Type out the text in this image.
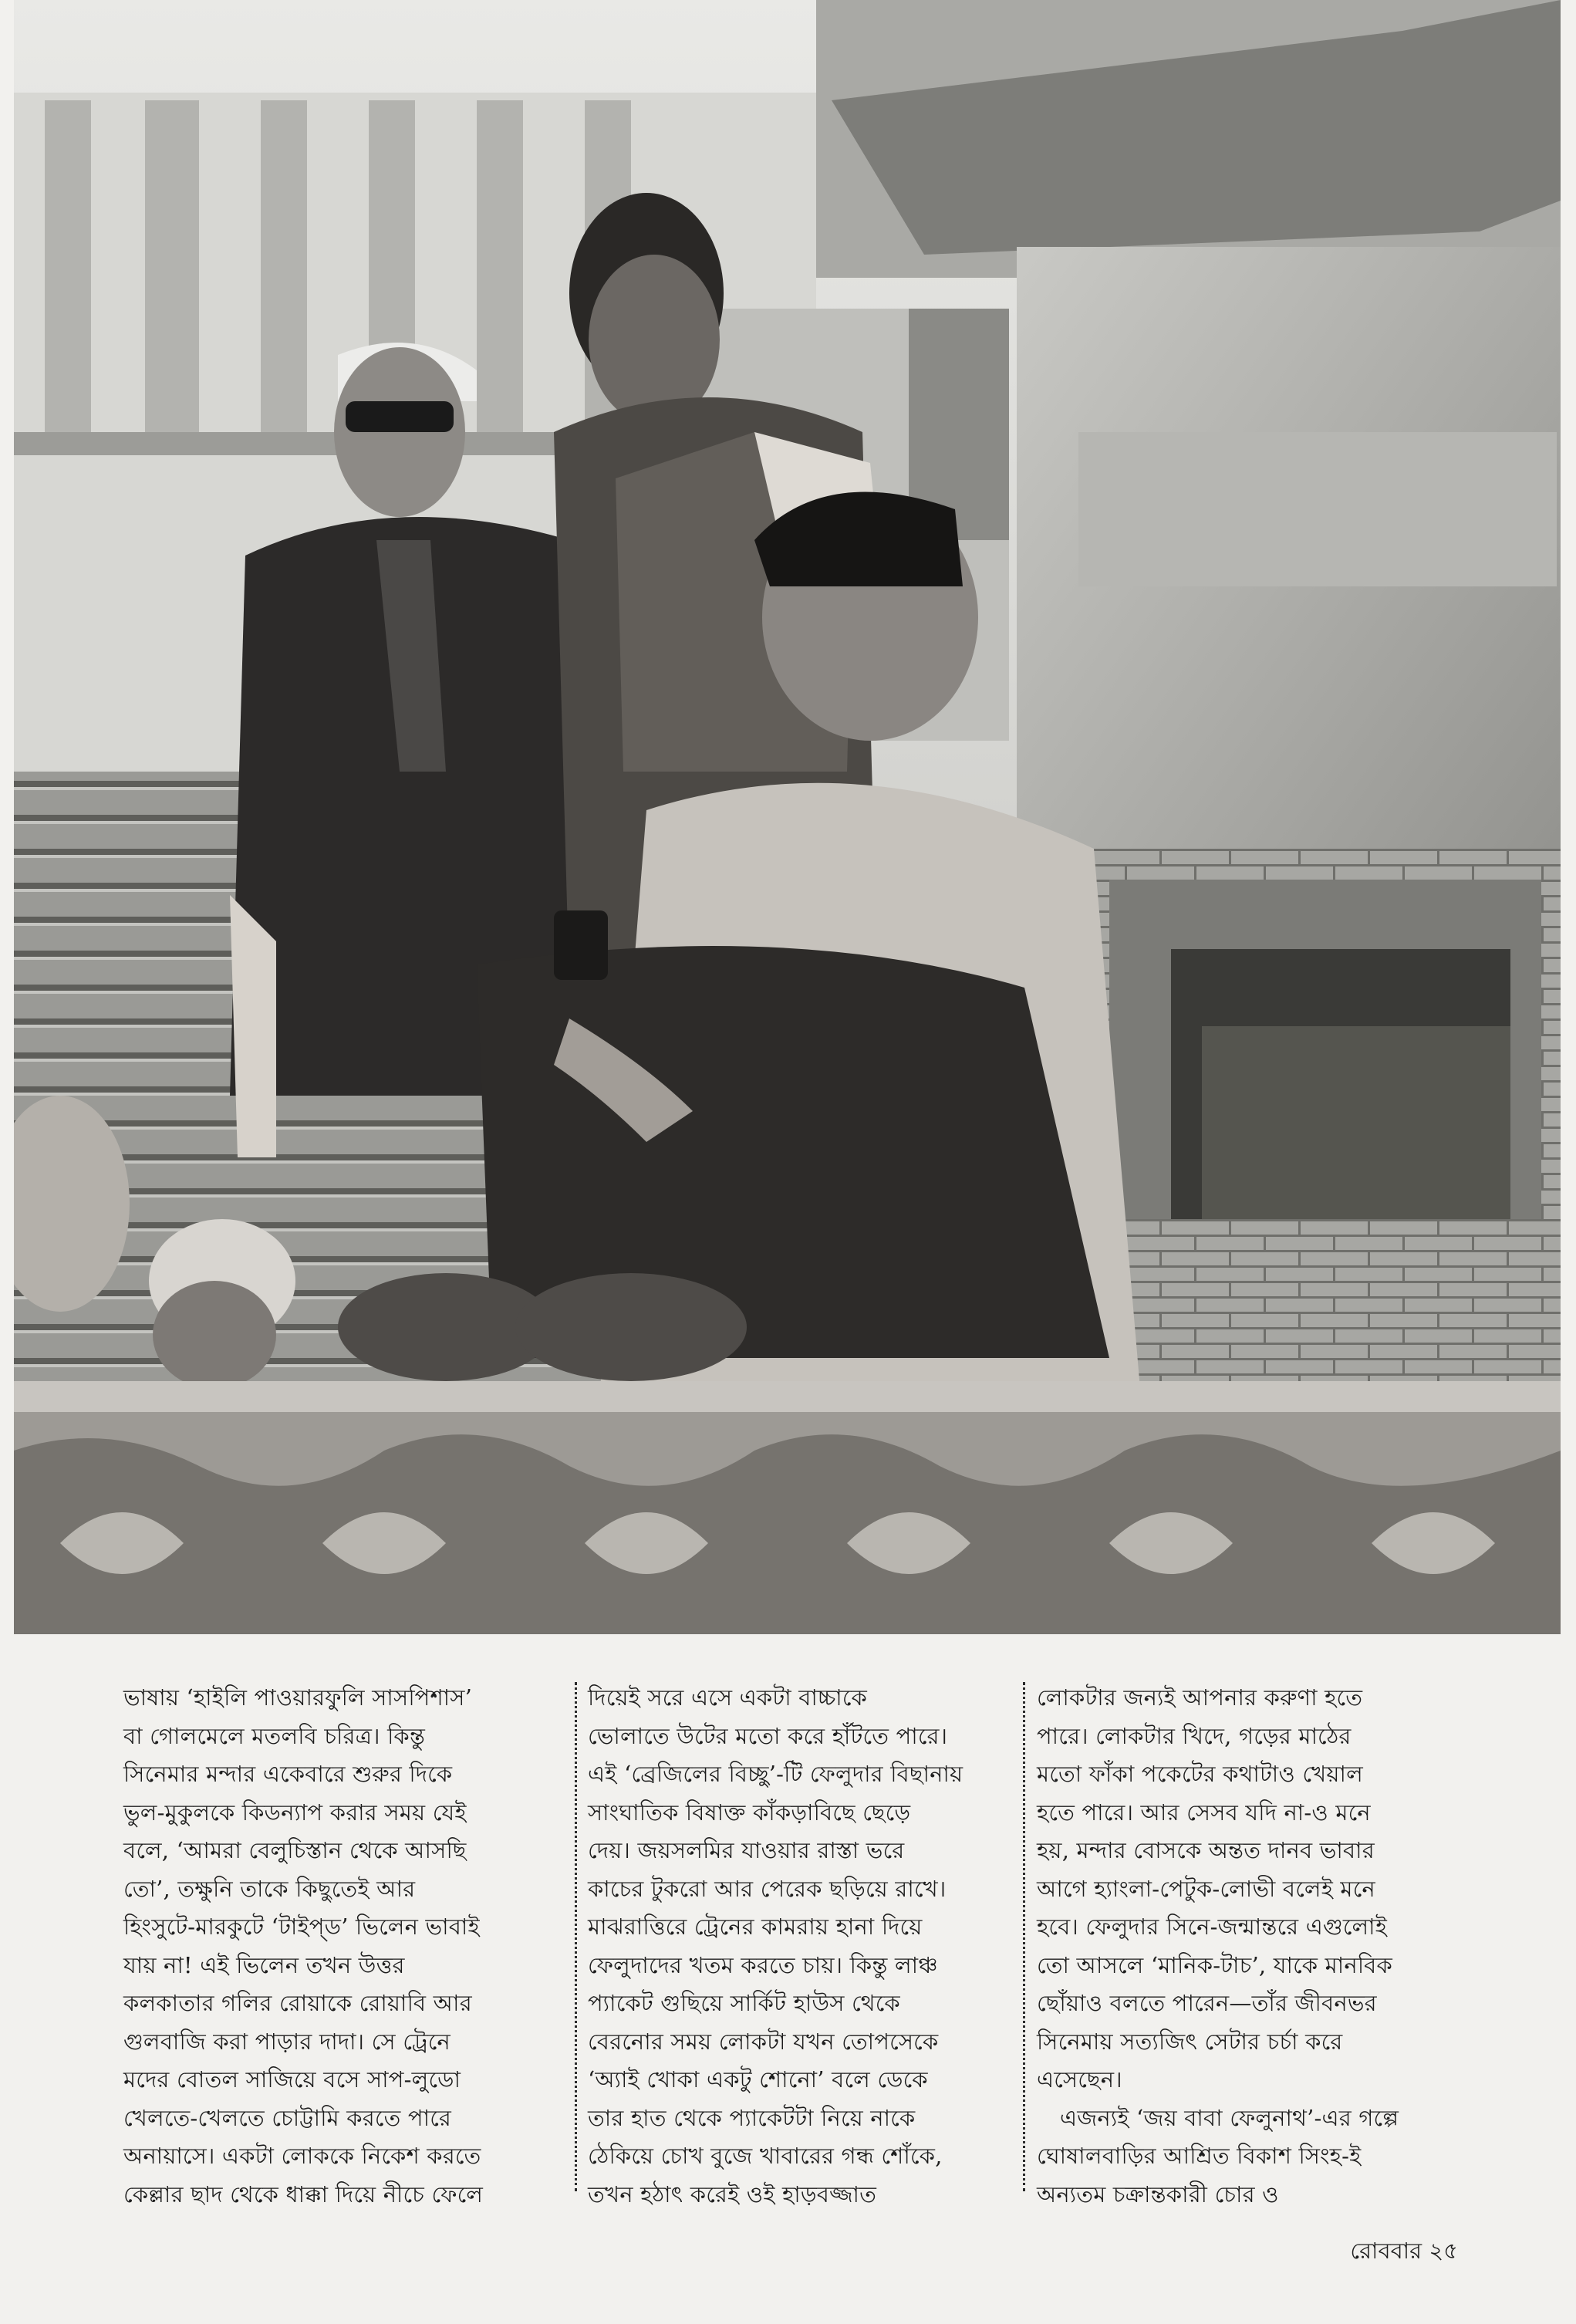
ভাষায় ‘হাইলি পাওয়ারফুলি সাসপিশাস’

বা গোলমেলে মতলবি চরিত্র। কিন্তু

সিনেমার মন্দার একেবারে শুরুর দিকে

ভুল-মুকুলকে কিডন্যাপ করার সময় যেই

বলে, ‘আমরা বেলুচিস্তান থেকে আসছি

তো’, তক্ষুনি তাকে কিছুতেই আর

হিংসুটে-মারকুটে ‘টাইপ্‌ড’ ভিলেন ভাবাই

যায় না! এই ভিলেন তখন উত্তর

কলকাতার গলির রোয়াকে রোয়াবি আর

গুলবাজি করা পাড়ার দাদা। সে ট্রেনে

মদের বোতল সাজিয়ে বসে সাপ-লুডো

খেলতে-খেলতে চোট্টামি করতে পারে

অনায়াসে। একটা লোককে নিকেশ করতে

কেল্লার ছাদ থেকে ধাক্কা দিয়ে নীচে ফেলে

দিয়েই সরে এসে একটা বাচ্চাকে

ভোলাতে উটের মতো করে হাঁটতে পারে।

এই ‘ব্রেজিলের বিচ্ছু’-টি ফেলুদার বিছানায়

সাংঘাতিক বিষাক্ত কাঁকড়াবিছে ছেড়ে

দেয়। জয়সলমির যাওয়ার রাস্তা ভরে

কাচের টুকরো আর পেরেক ছড়িয়ে রাখে।

মাঝরাত্তিরে ট্রেনের কামরায় হানা দিয়ে

ফেলুদাদের খতম করতে চায়। কিন্তু লাঞ্চ

প্যাকেট গুছিয়ে সার্কিট হাউস থেকে

বেরনোর সময় লোকটা যখন তোপসেকে

‘অ্যাই খোকা একটু শোনো’ বলে ডেকে

তার হাত থেকে প্যাকেটটা নিয়ে নাকে

ঠেকিয়ে চোখ বুজে খাবারের গন্ধ শোঁকে,

তখন হঠাৎ করেই ওই হাড়বজ্জাত

লোকটার জন্যই আপনার করুণা হতে

পারে। লোকটার খিদে, গড়ের মাঠের

মতো ফাঁকা পকেটের কথাটাও খেয়াল

হতে পারে। আর সেসব যদি না-ও মনে

হয়, মন্দার বোসকে অন্তত দানব ভাবার

আগে হ্যাংলা-পেটুক-লোভী বলেই মনে

হবে। ফেলুদার সিনে-জন্মান্তরে এগুলোই

তো আসলে ‘মানিক-টাচ’, যাকে মানবিক

ছোঁয়াও বলতে পারেন—তাঁর জীবনভর

সিনেমায় সত্যজিৎ সেটার চর্চা করে

এসেছেন।

এজন্যই ‘জয় বাবা ফেলুনাথ’-এর গল্পে

ঘোষালবাড়ির আশ্রিত বিকাশ সিংহ-ই

অন্যতম চক্রান্তকারী চোর ও

রোববার ২৫
